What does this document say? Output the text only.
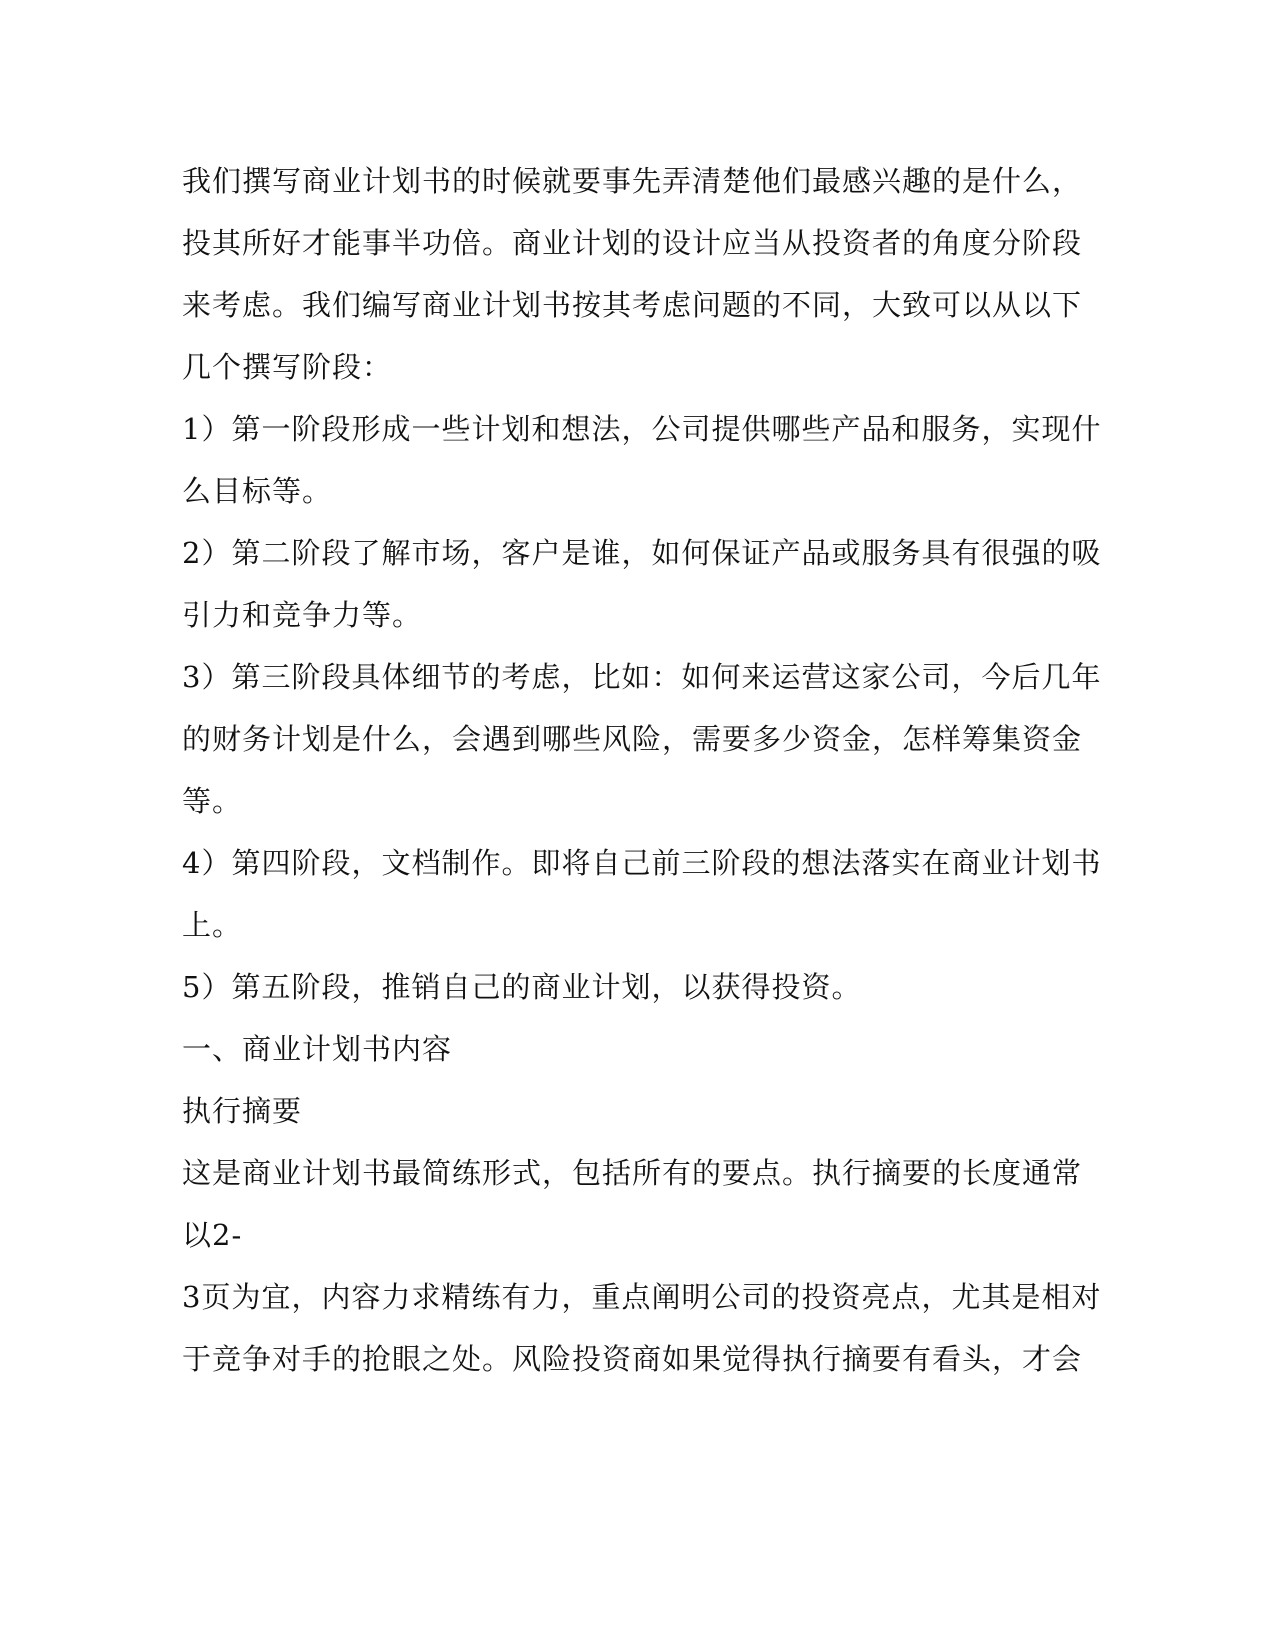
我们撰写商业计划书的时候就要事先弄清楚他们最感兴趣的是什么，
投其所好才能事半功倍。商业计划的设计应当从投资者的角度分阶段
来考虑。我们编写商业计划书按其考虑问题的不同，大致可以从以下
几个撰写阶段：
1）第一阶段形成一些计划和想法，公司提供哪些产品和服务，实现什
么目标等。
2）第二阶段了解市场，客户是谁，如何保证产品或服务具有很强的吸
引力和竞争力等。
3）第三阶段具体细节的考虑，比如：如何来运营这家公司，今后几年
的财务计划是什么，会遇到哪些风险，需要多少资金，怎样筹集资金
等。
4）第四阶段，文档制作。即将自己前三阶段的想法落实在商业计划书
上。
5）第五阶段，推销自己的商业计划，以获得投资。
一、商业计划书内容
执行摘要
这是商业计划书最简练形式，包括所有的要点。执行摘要的长度通常
以2-
3页为宜，内容力求精练有力，重点阐明公司的投资亮点，尤其是相对
于竞争对手的抢眼之处。风险投资商如果觉得执行摘要有看头，才会
